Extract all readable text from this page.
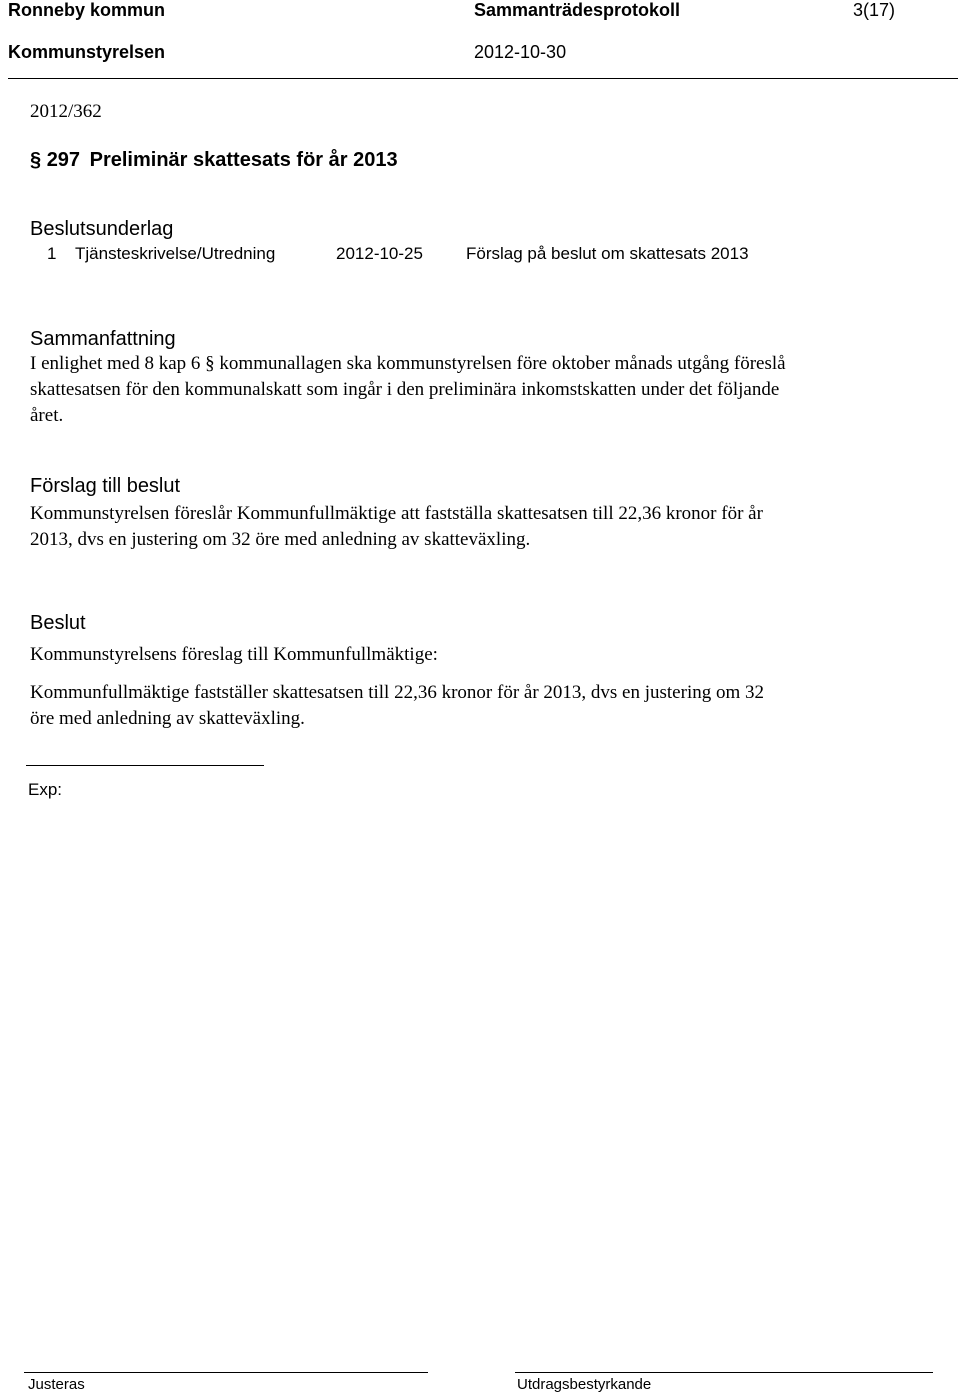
Ronneby kommun	Sammanträdesprotokoll	3(17)
Kommunstyrelsen	2012-10-30
2012/362
§ 297 Preliminär skattesats för år 2013
Beslutsunderlag
1 Tjänsteskrivelse/Utredning	2012-10-25	Förslag på beslut om skattesats 2013
Sammanfattning
I enlighet med 8 kap 6 § kommunallagen ska kommunstyrelsen före oktober månads utgång föreslå
skattesatsen för den kommunalskatt som ingår i den preliminära inkomstskatten under det följande
året.
Förslag till beslut
Kommunstyrelsen föreslår Kommunfullmäktige att fastställa skattesatsen till 22,36 kronor för år
2013, dvs en justering om 32 öre med anledning av skatteväxling.
Beslut
Kommunstyrelsens föreslag till Kommunfullmäktige:
Kommunfullmäktige fastställer skattesatsen till 22,36 kronor för år 2013, dvs en justering om 32
öre med anledning av skatteväxling.
Exp:
Justeras	Utdragsbestyrkande
